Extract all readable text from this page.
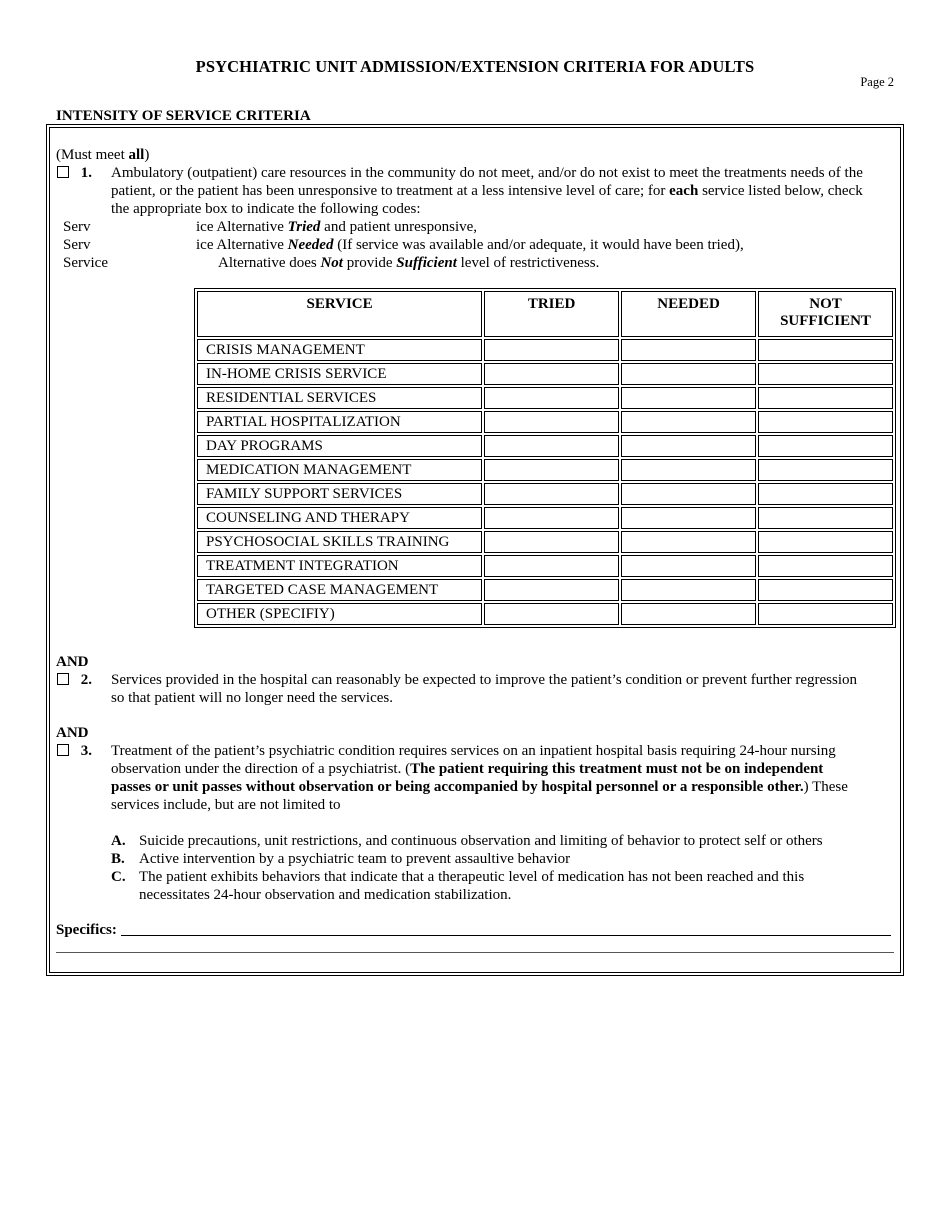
PSYCHIATRIC UNIT ADMISSION/EXTENSION CRITERIA FOR ADULTS
Page 2
INTENSITY OF SERVICE CRITERIA
(Must meet all)
1. Ambulatory (outpatient) care resources in the community do not meet, and/or do not exist to meet the treatments needs of the
patient, or the patient has been unresponsive to treatment at a less intensive level of care; for each service listed below, check
the appropriate box to indicate the following codes:
Serv	ice Alternative Tried and patient unresponsive,
Serv	ice Alternative Needed (If service was available and/or adequate, it would have been tried),
Service	Alternative does Not provide Sufficient level of restrictiveness.
SERVICE	TRIED	NEEDED	NOT SUFFICIENT
CRISIS MANAGEMENT			
IN-HOME CRISIS SERVICE			
RESIDENTIAL SERVICES			
PARTIAL HOSPITALIZATION			
DAY PROGRAMS			
MEDICATION MANAGEMENT			
FAMILY SUPPORT SERVICES			
COUNSELING AND THERAPY			
PSYCHOSOCIAL SKILLS TRAINING			
TREATMENT INTEGRATION			
TARGETED CASE MANAGEMENT			
OTHER (SPECIFIY)			
AND
2. Services provided in the hospital can reasonably be expected to improve the patient’s condition or prevent further regression
so that patient will no longer need the services.
AND
3. Treatment of the patient’s psychiatric condition requires services on an inpatient hospital basis requiring 24-hour nursing
observation under the direction of a psychiatrist. (The patient requiring this treatment must not be on independent
passes or unit passes without observation or being accompanied by hospital personnel or a responsible other.) These
services include, but are not limited to
A. Suicide precautions, unit restrictions, and continuous observation and limiting of behavior to protect self or others
B. Active intervention by a psychiatric team to prevent assaultive behavior
C. The patient exhibits behaviors that indicate that a therapeutic level of medication has not been reached and this
necessitates 24-hour observation and medication stabilization.
Specifics:
